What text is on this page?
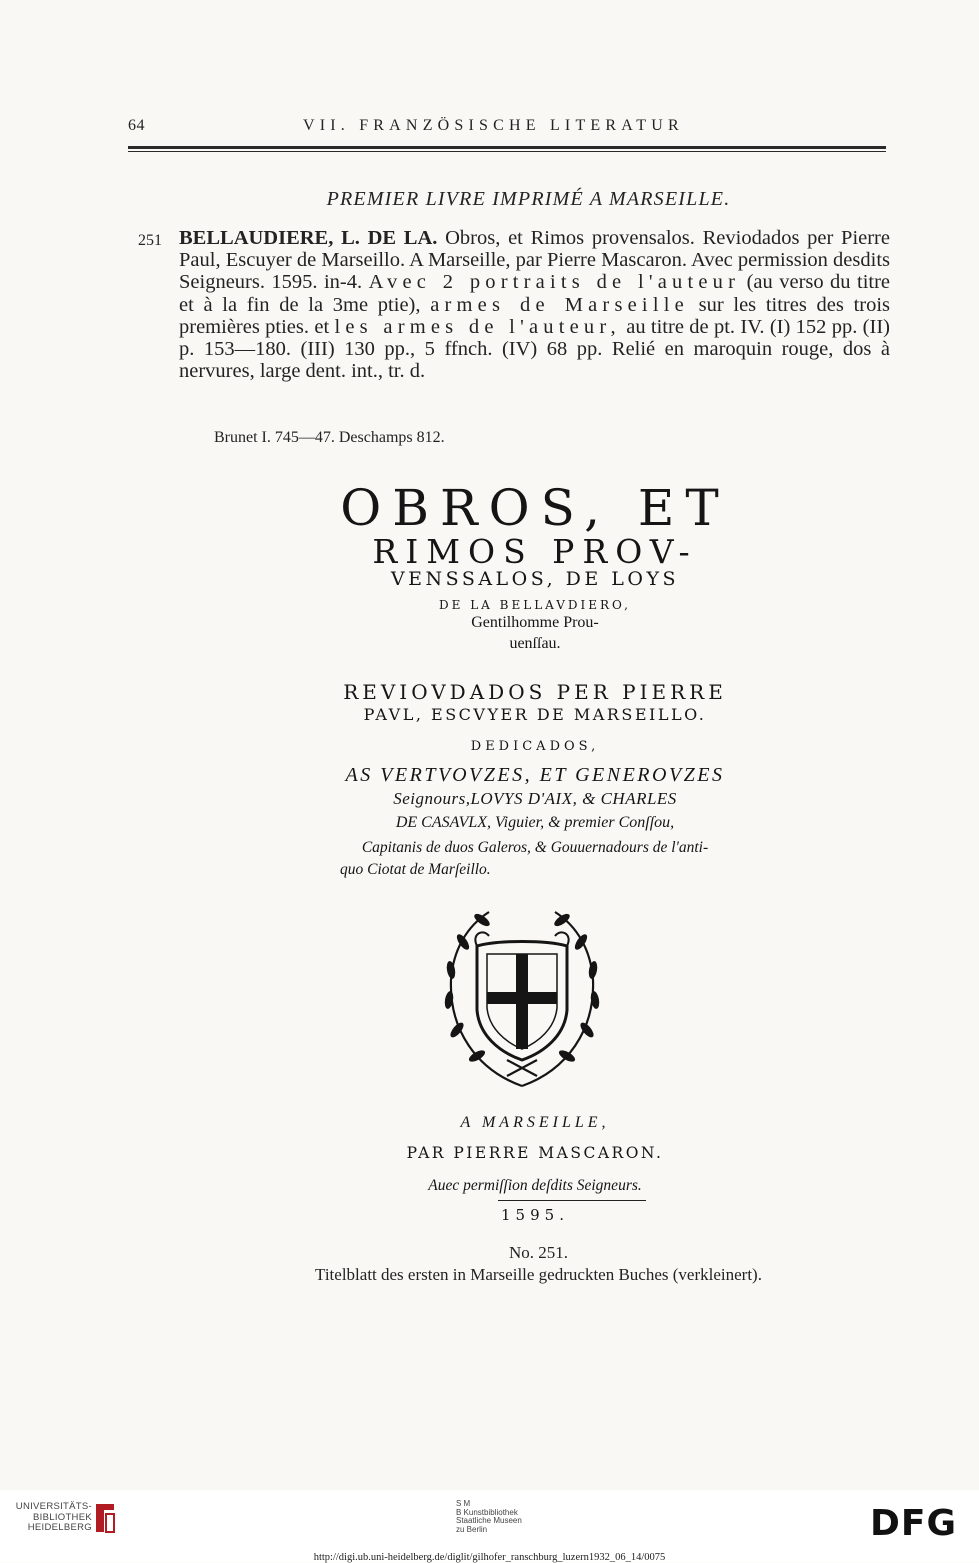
64	VII. FRANZÖSISCHE LITERATUR
PREMIER LIVRE IMPRIMÉ A MARSEILLE.
251 BELLAUDIERE, L. DE LA. Obros, et Rimos provensalos. Reviodados per Pierre Paul, Escuyer de Marseillo. A Marseille, par Pierre Mascaron. Avec permission desdits Seigneurs. 1595. in-4. Avec 2 portraits de l'auteur (au verso du titre et à la fin de la 3me ptie), armes de Marseille sur les titres des trois premières pties. et les armes de l'auteur, au titre de pt. IV. (I) 152 pp. (II) p. 153—180. (III) 130 pp., 5 ffnch. (IV) 68 pp. Relié en maroquin rouge, dos à nervures, large dent. int., tr. d.
Brunet I. 745—47. Deschamps 812.
OBROS, ET
RIMOS PROV-
VENSSALOS, DE LOYS
DE LA BELLAVDIERO,
Gentilhomme Prou-
uenſſau.
REVIOVDADOS PER PIERRE
PAVL, ESCVYER DE MARSEILLO.
DEDICADOS,
AS VERTVOVZES, ET GENEROVZES
Seignours,LOVYS D'AIX, & CHARLES
DE CASAVLX, Viguier, & premier Conſſou,
Capitanis de duos Galeros, & Gouuernadours de l'anti-
quo Ciotat de Marſeillo.
A MARSEILLE,
PAR PIERRE MASCARON.
Auec permiſſion deſdits Seigneurs.
1595.
No. 251.
Titelblatt des ersten in Marseille gedruckten Buches (verkleinert).
UNIVERSITÄTS-
BIBLIOTHEK
HEIDELBERG
S M
B Kunstbibliothek
Staatliche Museen
zu Berlin	DFG
http://digi.ub.uni-heidelberg.de/diglit/gilhofer_ranschburg_luzern1932_06_14/0075
